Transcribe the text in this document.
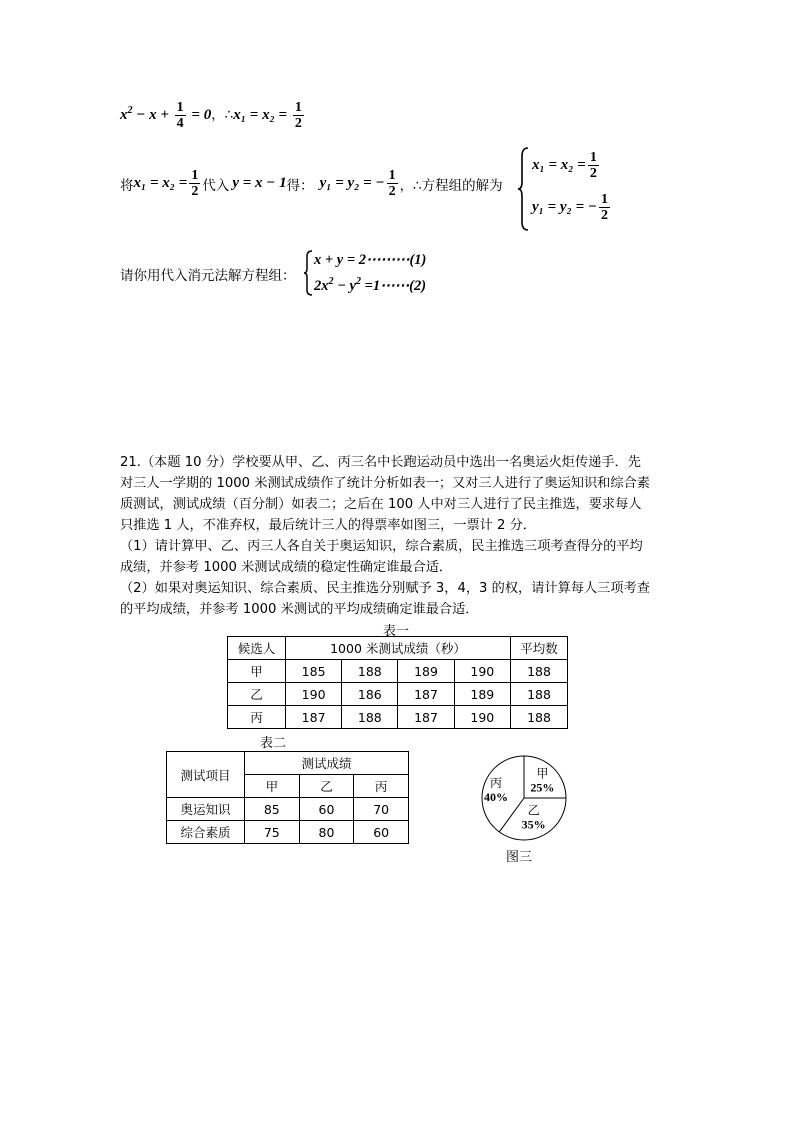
$x^2 - x + \frac{1}{4} = 0$，∴x₁ = $x_2 = \frac{1}{2}$
将 $x_1 = x_2 = \frac{1}{2}$ 代入 y = x − 1 得： y₁ = y₂ = − $\frac{1}{2}$ ，∴方程组的解为
$x_1 = x_2 = \frac{1}{2}$
y₁ = y₂ = − $\frac{1}{2}$
请你用代入消元法解方程组：
x + y = 2⋯⋯⋯(1)
$2x^2 - y^2$ =1⋯⋯(2)
21.（本题 10 分）学校要从甲、乙、丙三名中长跑运动员中选出一名奥运火炬传递手．先
对三人一学期的 1000 米测试成绩作了统计分析如表一；又对三人进行了奥运知识和综合素
质测试，测试成绩（百分制）如表二；之后在 100 人中对三人进行了民主推选，要求每人
只推选 1 人，不准弃权，最后统计三人的得票率如图三，一票计 2 分．
（1）请计算甲、乙、丙三人各自关于奥运知识，综合素质，民主推选三项考查得分的平均
成绩，并参考 1000 米测试成绩的稳定性确定谁最合适．
（2）如果对奥运知识、综合素质、民主推选分别赋予 3，4，3 的权，请计算每人三项考查
的平均成绩，并参考 1000 米测试的平均成绩确定谁最合适．
表一
候选人	1000 米测试成绩（秒）				平均数
甲	185	188	189	190	188
乙	190	186	187	189	188
丙	187	188	187	190	188
表二
测试项目	测试成绩		
	甲	乙	丙
奥运知识	85	60	70
综合素质	75	80	60
甲
25%
乙
35%
丙
40%
图三
